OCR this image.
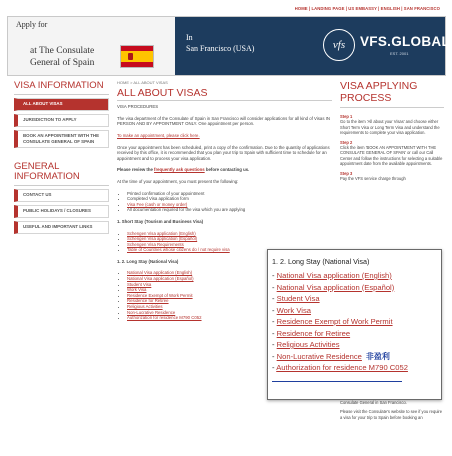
HOME | LANDING PAGE | US EMBASSY | ENGLISH | SAN FRANCISCO
Apply for
at The Consulate
General of Spain
In
San Francisco (USA)	vfs	VFS.GLOBAL
EST. 2001
VISA INFORMATION
ALL ABOUT VISAS
JURISDICTION TO APPLY
BOOK AN APPOINTMENT WITH THE CONSULATE GENERAL OF SPAIN
GENERAL INFORMATION
CONTACT US
PUBLIC HOLIDAYS / CLOSURES
USEFUL AND IMPORTANT LINKS
HOME > ALL ABOUT VISAS
ALL ABOUT VISAS

VISA PROCEDURES

The visa department of the Consulate of Spain in San Francisco will consider applications for all kind of Visas IN PERSON AND BY APPOINTMENT ONLY. One appointment per person.

To make an appointment, please click here.

Once your appointment has been scheduled, print a copy of the confirmation. Due to the quantity of applications received by this office, it is recommended that you plan your trip to Spain with sufficient time to schedule for an appointment and to process your visa application.

Please review the frequently ask questions before contacting us.

At the time of your appointment, you must present the following:

• Printed confirmation of your appointment
• Completed Visa application form
• Visa Fee (cash or money order)
• All documentation required for the visa which you are applying

1. Short Stay (Tourism and Business Visa)

• Schengen Visa application (English)
• Schengen Visa application (Español)
• Schengen Visa Requirements
• Table of Countries whose citizens do / not require visa

1. 2. Long Stay (National Visa)

• National Visa application (English)
• National Visa application (Español)
• Student Visa
• Work Visa
• Residence Exempt of Work Permit
• Residence for Retiree
• Religious Activities
• Non-Lucrative Residence
• Authorization for residence M790 C052
VISA APPLYING PROCESS
Step 1

Go to the item 'All about your Visas' and choose either Short Term Visa or Long Term Visa and understand the requirements to complete your visa application.

Step 2

Click the item 'BOOK AN APPOINTMENT WITH THE CONSULATE GENERAL OF SPAIN' or call our Call Center and follow the instructions for selecting a suitable appointment date from the available appointments.

Step 3

Pay the VFS service charge through

Consulate General in San Francisco.

Please visit the Consulate's website to see if you require a visa for your trip to Spain before booking an

1. 2. Long Stay (National Visa)
- National Visa application (English)
- National Visa application (Español)
- Student Visa
- Work Visa
- Residence Exempt of Work Permit
- Residence for Retiree
- Religious Activities
- Non-Lucrative Residence 非盈利
- Authorization for residence M790 C052
